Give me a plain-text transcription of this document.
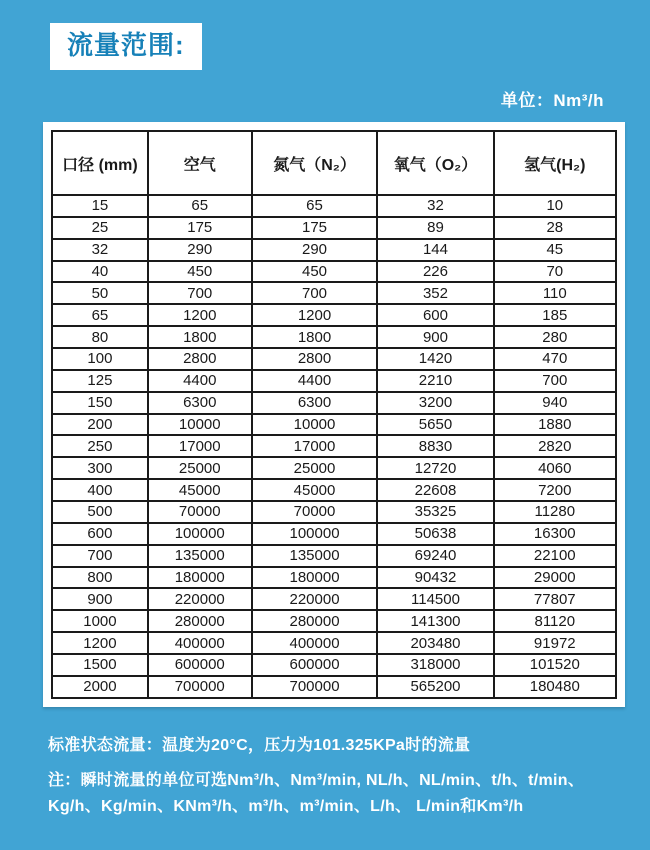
流量范围:
单位：Nm³/h
口径 (mm)	空气	氮气（N₂）	氧气（O₂）	氢气(H₂)
15	65	65	32	10
25	175	175	89	28
32	290	290	144	45
40	450	450	226	70
50	700	700	352	110
65	1200	1200	600	185
80	1800	1800	900	280
100	2800	2800	1420	470
125	4400	4400	2210	700
150	6300	6300	3200	940
200	10000	10000	5650	1880
250	17000	17000	8830	2820
300	25000	25000	12720	4060
400	45000	45000	22608	7200
500	70000	70000	35325	11280
600	100000	100000	50638	16300
700	135000	135000	69240	22100
800	180000	180000	90432	29000
900	220000	220000	114500	77807
1000	280000	280000	141300	81120
1200	400000	400000	203480	91972
1500	600000	600000	318000	101520
2000	700000	700000	565200	180480
标准状态流量：温度为20°C，压力为101.325KPa时的流量
注：瞬时流量的单位可选Nm³/h、Nm³/min, NL/h、NL/min、t/h、t/min、
Kg/h、Kg/min、KNm³/h、m³/h、m³/min、L/h、 L/min和Km³/h
